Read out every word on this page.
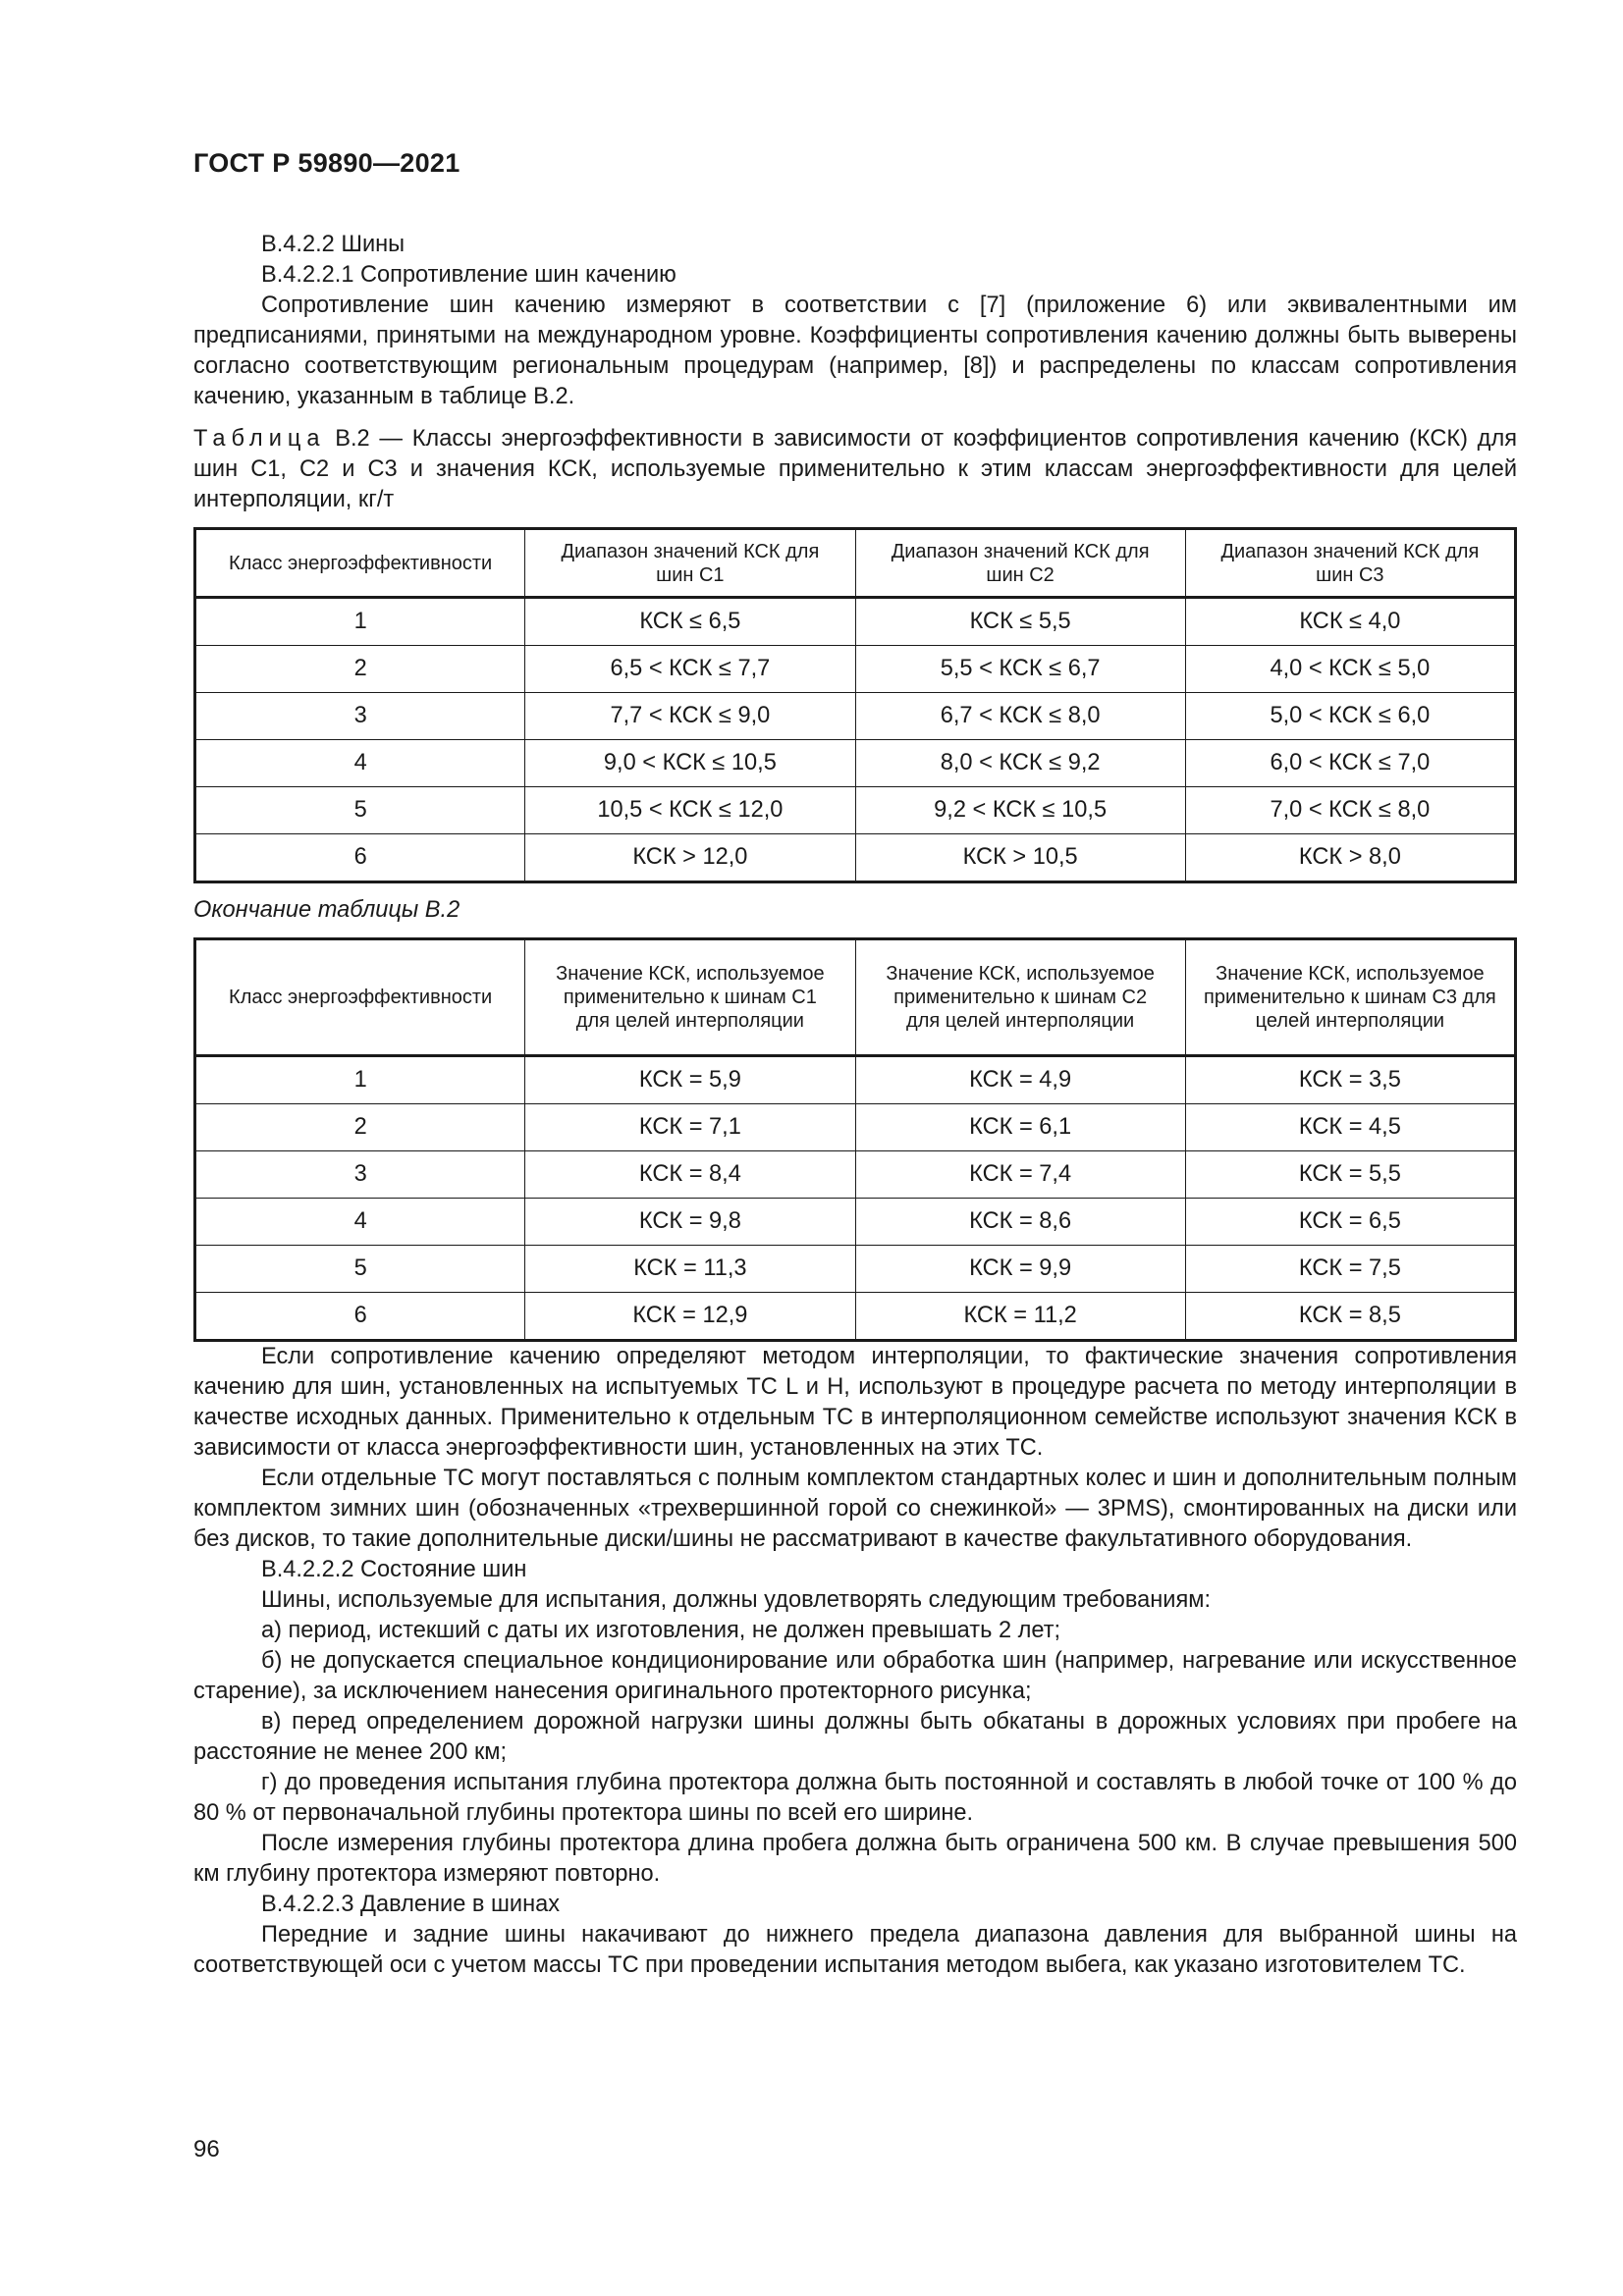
ГОСТ Р 59890—2021

В.4.2.2 Шины

В.4.2.2.1 Сопротивление шин качению

Сопротивление шин качению измеряют в соответствии с [7] (приложение 6) или эквивалентными им предписаниями, принятыми на международном уровне. Коэффициенты сопротивления качению должны быть выверены согласно соответствующим региональным процедурам (например, [8]) и распределены по классам сопротивления качению, указанным в таблице В.2.

Таблица В.2 — Классы энергоэффективности в зависимости от коэффициентов сопротивления качению (КСК) для шин C1, C2 и C3 и значения КСК, используемые применительно к этим классам энергоэффективности для целей интерполяции, кг/т

Класс энергоэффективности	Диапазон значений КСК для шин C1	Диапазон значений КСК для шин C2	Диапазон значений КСК для шин C3

1	КСК ≤ 6,5	КСК ≤ 5,5	КСК ≤ 4,0
2	6,5 < КСК ≤ 7,7	5,5 < КСК ≤ 6,7	4,0 < КСК ≤ 5,0
3	7,7 < КСК ≤ 9,0	6,7 < КСК ≤ 8,0	5,0 < КСК ≤ 6,0
4	9,0 < КСК ≤ 10,5	8,0 < КСК ≤ 9,2	6,0 < КСК ≤ 7,0
5	10,5 < КСК ≤ 12,0	9,2 < КСК ≤ 10,5	7,0 < КСК ≤ 8,0
6	КСК > 12,0	КСК > 10,5	КСК > 8,0

Окончание таблицы В.2

Класс энергоэффективности	Значение КСК, используемое применительно к шинам C1 для целей интерполяции	Значение КСК, используемое применительно к шинам C2 для целей интерполяции	Значение КСК, используемое применительно к шинам C3 для целей интерполяции

1	КСК = 5,9	КСК = 4,9	КСК = 3,5
2	КСК = 7,1	КСК = 6,1	КСК = 4,5
3	КСК = 8,4	КСК = 7,4	КСК = 5,5
4	КСК = 9,8	КСК = 8,6	КСК = 6,5
5	КСК = 11,3	КСК = 9,9	КСК = 7,5
6	КСК = 12,9	КСК = 11,2	КСК = 8,5

Если сопротивление качению определяют методом интерполяции, то фактические значения сопротивления качению для шин, установленных на испытуемых ТС L и H, используют в процедуре расчета по методу интерполяции в качестве исходных данных. Применительно к отдельным ТС в интерполяционном семействе используют значения КСК в зависимости от класса энергоэффективности шин, установленных на этих ТС.

Если отдельные ТС могут поставляться с полным комплектом стандартных колес и шин и дополнительным полным комплектом зимних шин (обозначенных «трехвершинной горой со снежинкой» — 3PMS), смонтированных на диски или без дисков, то такие дополнительные диски/шины не рассматривают в качестве факультативного оборудования.

В.4.2.2.2 Состояние шин

Шины, используемые для испытания, должны удовлетворять следующим требованиям:

а) период, истекший с даты их изготовления, не должен превышать 2 лет;

б) не допускается специальное кондиционирование или обработка шин (например, нагревание или искусственное старение), за исключением нанесения оригинального протекторного рисунка;

в) перед определением дорожной нагрузки шины должны быть обкатаны в дорожных условиях при пробеге на расстояние не менее 200 км;

г) до проведения испытания глубина протектора должна быть постоянной и составлять в любой точке от 100 % до 80 % от первоначальной глубины протектора шины по всей его ширине.

После измерения глубины протектора длина пробега должна быть ограничена 500 км. В случае превышения 500 км глубину протектора измеряют повторно.

В.4.2.2.3 Давление в шинах

Передние и задние шины накачивают до нижнего предела диапазона давления для выбранной шины на соответствующей оси с учетом массы ТС при проведении испытания методом выбега, как указано изготовителем ТС.

96
